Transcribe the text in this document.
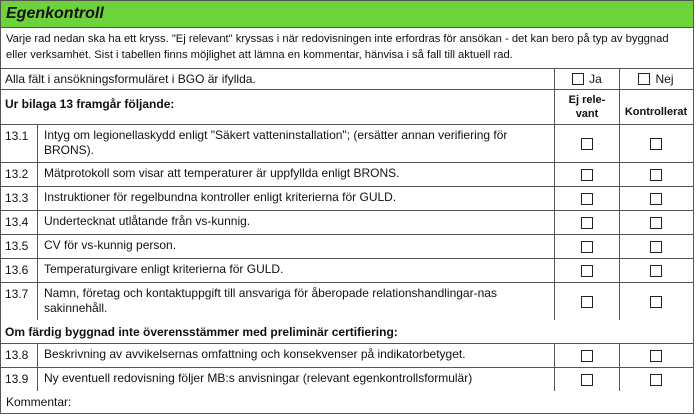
Egenkontroll
Varje rad nedan ska ha ett kryss. "Ej relevant" kryssas i när redovisningen inte erfordras för ansökan - det kan bero på typ av byggnad eller verksamhet. Sist i tabellen finns möjlighet att lämna en kommentar, hänvisa i så fall till aktuell rad.
Alla fält i ansökningsformuläret i BGO är ifyllda.	Ja	Nej
Ur bilaga 13 framgår följande:	Ej rele-vant	Kontrollerat
13.1	Intyg om legionellaskydd enligt "Säkert vatteninstallation"; (ersätter annan verifiering för BRONS).
13.2	Mätprotokoll som visar att temperaturer är uppfyllda enligt BRONS.
13.3	Instruktioner för regelbundna kontroller enligt kriterierna för GULD.
13.4	Undertecknat utlåtande från vs-kunnig.
13.5	CV för vs-kunnig person.
13.6	Temperaturgivare enligt kriterierna för GULD.
13.7	Namn, företag och kontaktuppgift till ansvariga för åberopade relationshandlingar-nas sakinnehåll.
Om färdig byggnad inte överensstämmer med preliminär certifiering:
13.8	Beskrivning av avvikelsernas omfattning och konsekvenser på indikatorbetyget.
13.9	Ny eventuell redovisning följer MB:s anvisningar (relevant egenkontrollsformulär)
Kommentar:
